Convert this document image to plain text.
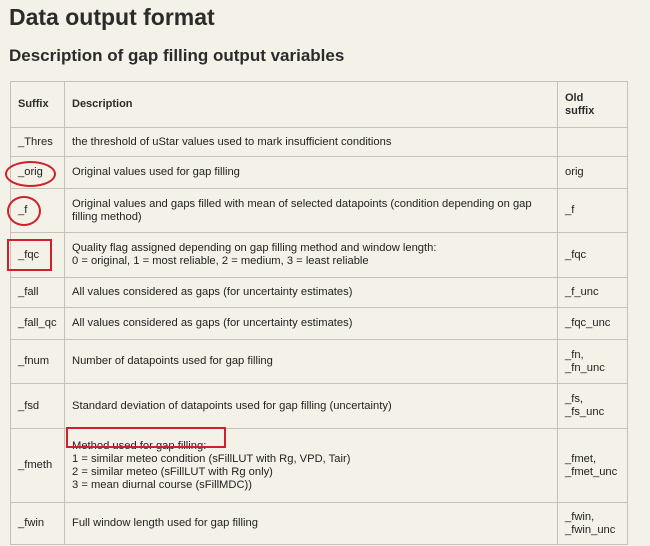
Data output format
Description of gap filling output variables
Suffix	Description	Old
suffix
_Thres	the threshold of uStar values used to mark insufficient conditions	
_orig	Original values used for gap filling	orig
_f	Original values and gaps filled with mean of selected datapoints (condition depending on gap filling method)	_f
_fqc	Quality flag assigned depending on gap filling method and window length:
0 = original, 1 = most reliable, 2 = medium, 3 = least reliable	_fqc
_fall	All values considered as gaps (for uncertainty estimates)	_f_unc
_fall_qc	All values considered as gaps (for uncertainty estimates)	_fqc_unc
_fnum	Number of datapoints used for gap filling	_fn,
_fn_unc
_fsd	Standard deviation of datapoints used for gap filling (uncertainty)	_fs,
_fs_unc
_fmeth	Method used for gap filling:
1 = similar meteo condition (sFillLUT with Rg, VPD, Tair)
2 = similar meteo (sFillLUT with Rg only)
3 = mean diurnal course (sFillMDC))	_fmet,
_fmet_unc
_fwin	Full window length used for gap filling	_fwin,
_fwin_unc
